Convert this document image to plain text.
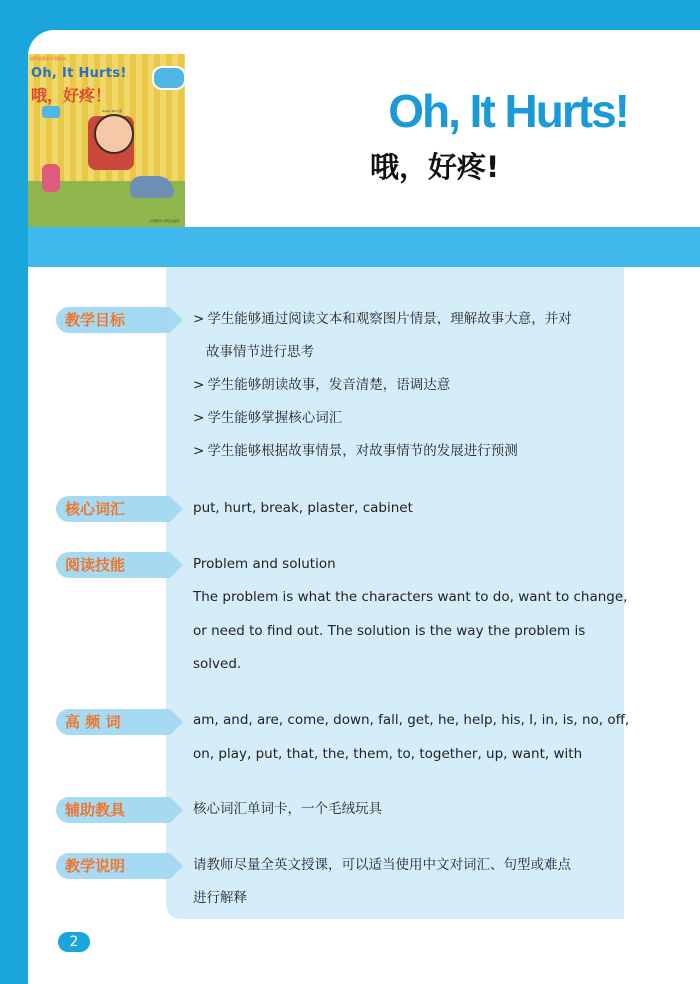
丽声北极星分级绘本
Oh, It Hurts!
哦，好疼！
Alison Bird 著
外语教学与研究出版社
Oh, It Hurts!
哦，好疼!
教学目标	> 学生能够通过阅读文本和观察图片情景，理解故事大意，并对
故事情节进行思考
> 学生能够朗读故事，发音清楚，语调达意
> 学生能够掌握核心词汇
> 学生能够根据故事情景，对故事情节的发展进行预测
核心词汇	put, hurt, break, plaster, cabinet
阅读技能	Problem and solution
The problem is what the characters want to do, want to change,
or need to find out. The solution is the way the problem is
solved.
高 频 词	am, and, are, come, down, fall, get, he, help, his, I, in, is, no, off,
on, play, put, that, the, them, to, together, up, want, with
辅助教具	核心词汇单词卡，一个毛绒玩具
教学说明	请教师尽量全英文授课，可以适当使用中文对词汇、句型或难点
进行解释
2
